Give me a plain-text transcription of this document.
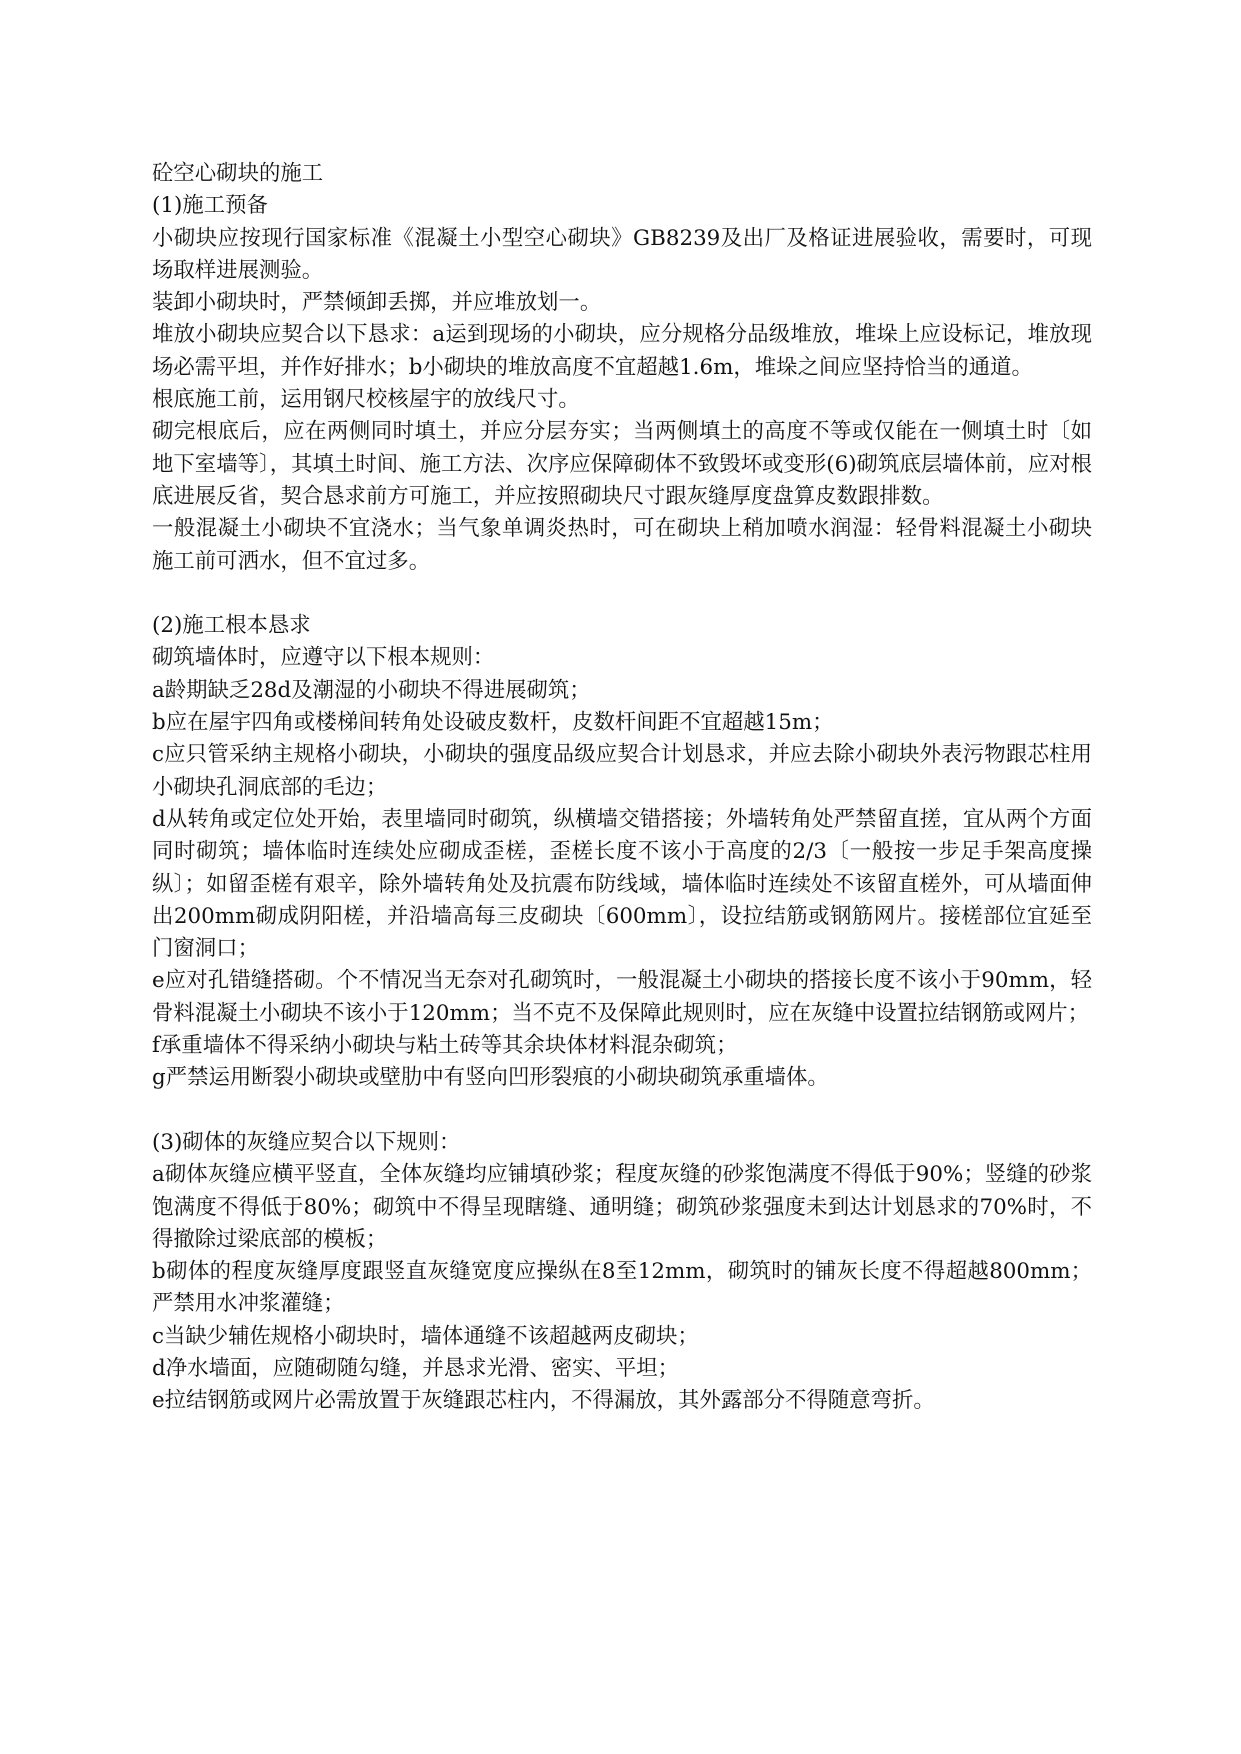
砼空心砌块的施工

(1)施工预备

小砌块应按现行国家标准《混凝土小型空心砌块》GB8239及出厂及格证进展验收，需要时，可现场取样进展测验。

装卸小砌块时，严禁倾卸丢掷，并应堆放划一。

堆放小砌块应契合以下恳求：a运到现场的小砌块，应分规格分品级堆放，堆垛上应设标记，堆放现场必需平坦，并作好排水；b小砌块的堆放高度不宜超越1.6m，堆垛之间应坚持恰当的通道。

根底施工前，运用钢尺校核屋宇的放线尺寸。

砌完根底后，应在两侧同时填土，并应分层夯实；当两侧填土的高度不等或仅能在一侧填土时〔如地下室墙等〕，其填土时间、施工方法、次序应保障砌体不致毁坏或变形(6)砌筑底层墙体前，应对根底进展反省，契合恳求前方可施工，并应按照砌块尺寸跟灰缝厚度盘算皮数跟排数。

一般混凝土小砌块不宜浇水；当气象单调炎热时，可在砌块上稍加喷水润湿：轻骨料混凝土小砌块施工前可洒水，但不宜过多。

(2)施工根本恳求

砌筑墙体时，应遵守以下根本规则：

a龄期缺乏28d及潮湿的小砌块不得进展砌筑；

b应在屋宇四角或楼梯间转角处设破皮数杆，皮数杆间距不宜超越15m；

c应只管采纳主规格小砌块，小砌块的强度品级应契合计划恳求，并应去除小砌块外表污物跟芯柱用小砌块孔洞底部的毛边；

d从转角或定位处开始，表里墙同时砌筑，纵横墙交错搭接；外墙转角处严禁留直搓，宜从两个方面同时砌筑；墙体临时连续处应砌成歪槎，歪槎长度不该小于高度的2/3〔一般按一步足手架高度操纵〕；如留歪槎有艰辛，除外墙转角处及抗震布防线域，墙体临时连续处不该留直槎外，可从墙面伸出200mm砌成阴阳槎，并沿墙高每三皮砌块〔600mm〕，设拉结筋或钢筋网片。接槎部位宜延至门窗洞口；

e应对孔错缝搭砌。个不情况当无奈对孔砌筑时，一般混凝土小砌块的搭接长度不该小于90mm，轻骨料混凝土小砌块不该小于120mm；当不克不及保障此规则时，应在灰缝中设置拉结钢筋或网片；

f承重墙体不得采纳小砌块与粘土砖等其余块体材料混杂砌筑；

g严禁运用断裂小砌块或壁肋中有竖向凹形裂痕的小砌块砌筑承重墙体。

(3)砌体的灰缝应契合以下规则：

a砌体灰缝应横平竖直，全体灰缝均应铺填砂浆；程度灰缝的砂浆饱满度不得低于90%；竖缝的砂浆饱满度不得低于80%；砌筑中不得呈现瞎缝、通明缝；砌筑砂浆强度未到达计划恳求的70%时，不得撤除过梁底部的模板；

b砌体的程度灰缝厚度跟竖直灰缝宽度应操纵在8至12mm，砌筑时的铺灰长度不得超越800mm；严禁用水冲浆灌缝；

c当缺少辅佐规格小砌块时，墙体通缝不该超越两皮砌块；

d净水墙面，应随砌随勾缝，并恳求光滑、密实、平坦；

e拉结钢筋或网片必需放置于灰缝跟芯柱内，不得漏放，其外露部分不得随意弯折。
